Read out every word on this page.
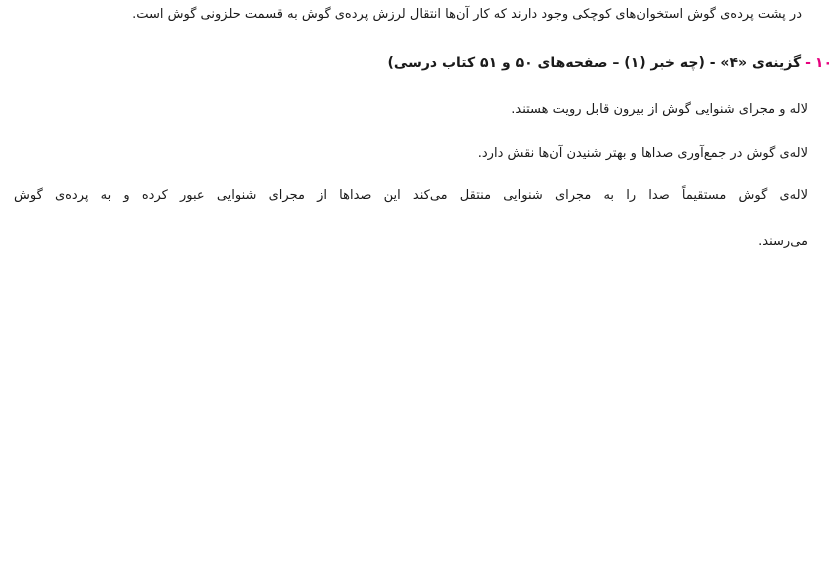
در پشت پرده‌ی گوش استخوان‌های کوچکی وجود دارند که کار آن‌ها انتقال لرزش پرده‌ی گوش به قسمت حلزونی گوش است.
۱۰
-
گزینه‌ی «۴» - (چه خبر (۱) – صفحه‌های ۵۰ و ۵۱ کتاب درسی)
لاله و مجرای شنوایی گوش از بیرون قابل رویت هستند.
لاله‌ی گوش در جمع‌آوری صداها و بهتر شنیدن آن‌ها نقش دارد.
لاله‌ی گوش مستقیماً صدا را به مجرای شنوایی منتقل می‌کند این صداها از مجرای شنوایی عبور کرده و به پرده‌ی گوش
می‌رسند.
